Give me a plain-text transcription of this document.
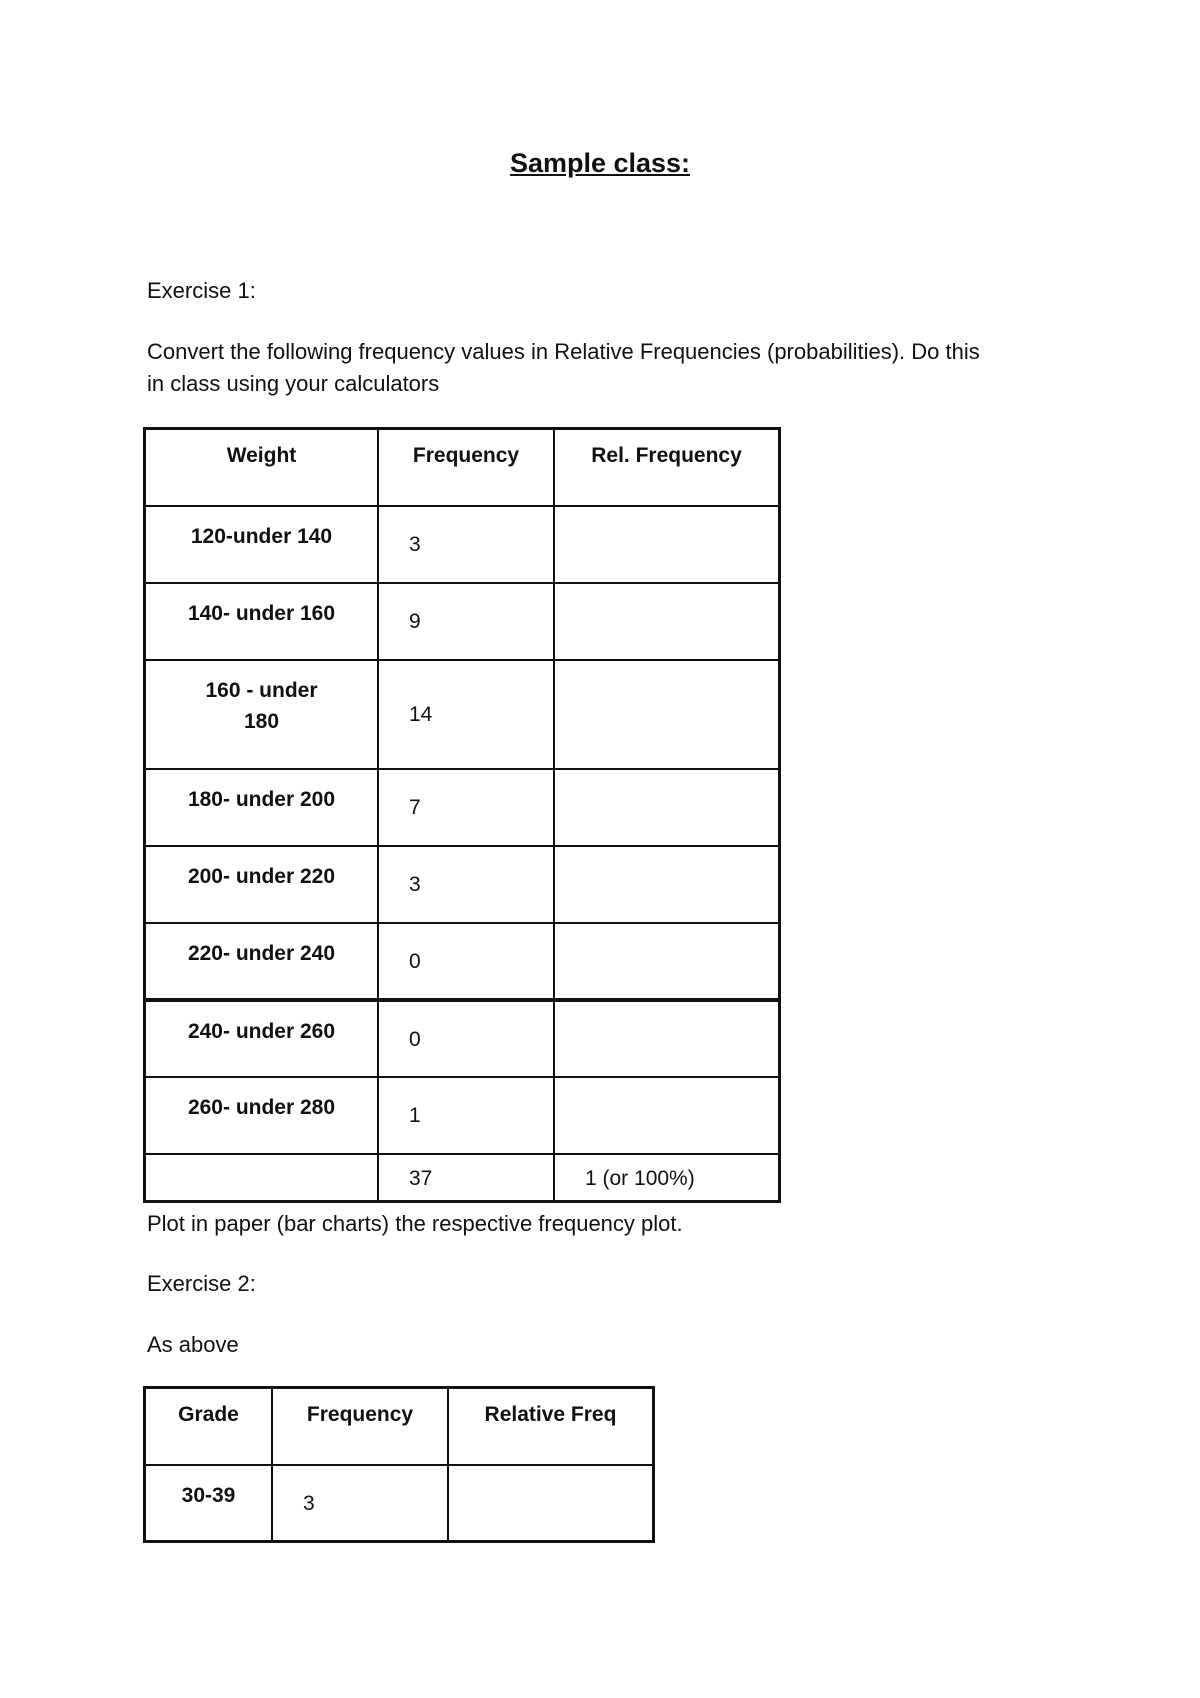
Sample class:

Exercise 1:

Convert the following frequency values in Relative Frequencies (probabilities). Do this

in class using your calculators

Weight	Frequency	Rel. Frequency
120-under 140	3	
140- under 160	9	

160 - under
180	14	
180- under 200	7	
200- under 220	3	
220- under 240	0	
240- under 260	0	
260- under 280	1	
	37	1 (or 100%)

Plot in paper (bar charts) the respective frequency plot.

Exercise 2:

As above

Grade	Frequency	Relative Freq
30-39	3	
